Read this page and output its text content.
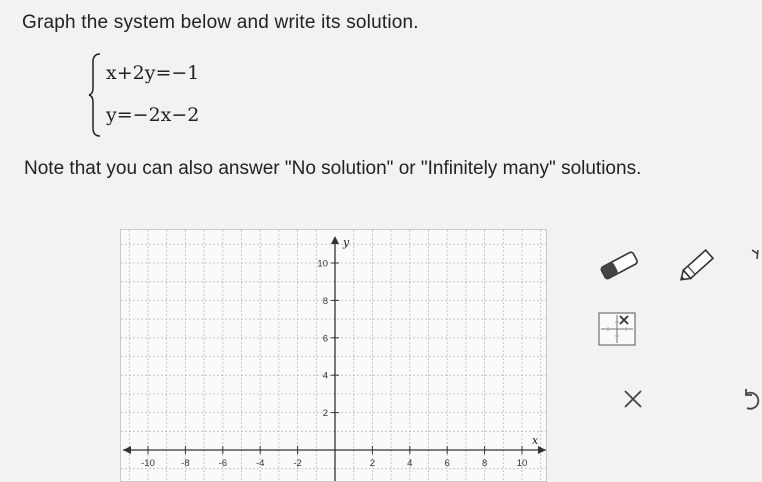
Graph the system below and write its solution.
x+2y=−1
y=−2x−2
Note that you can also answer "No solution" or "Infinitely many" solutions.
y
x
-10	-8	-6	-4	-2	2	4	6	8	10
10
8
6
4
2
